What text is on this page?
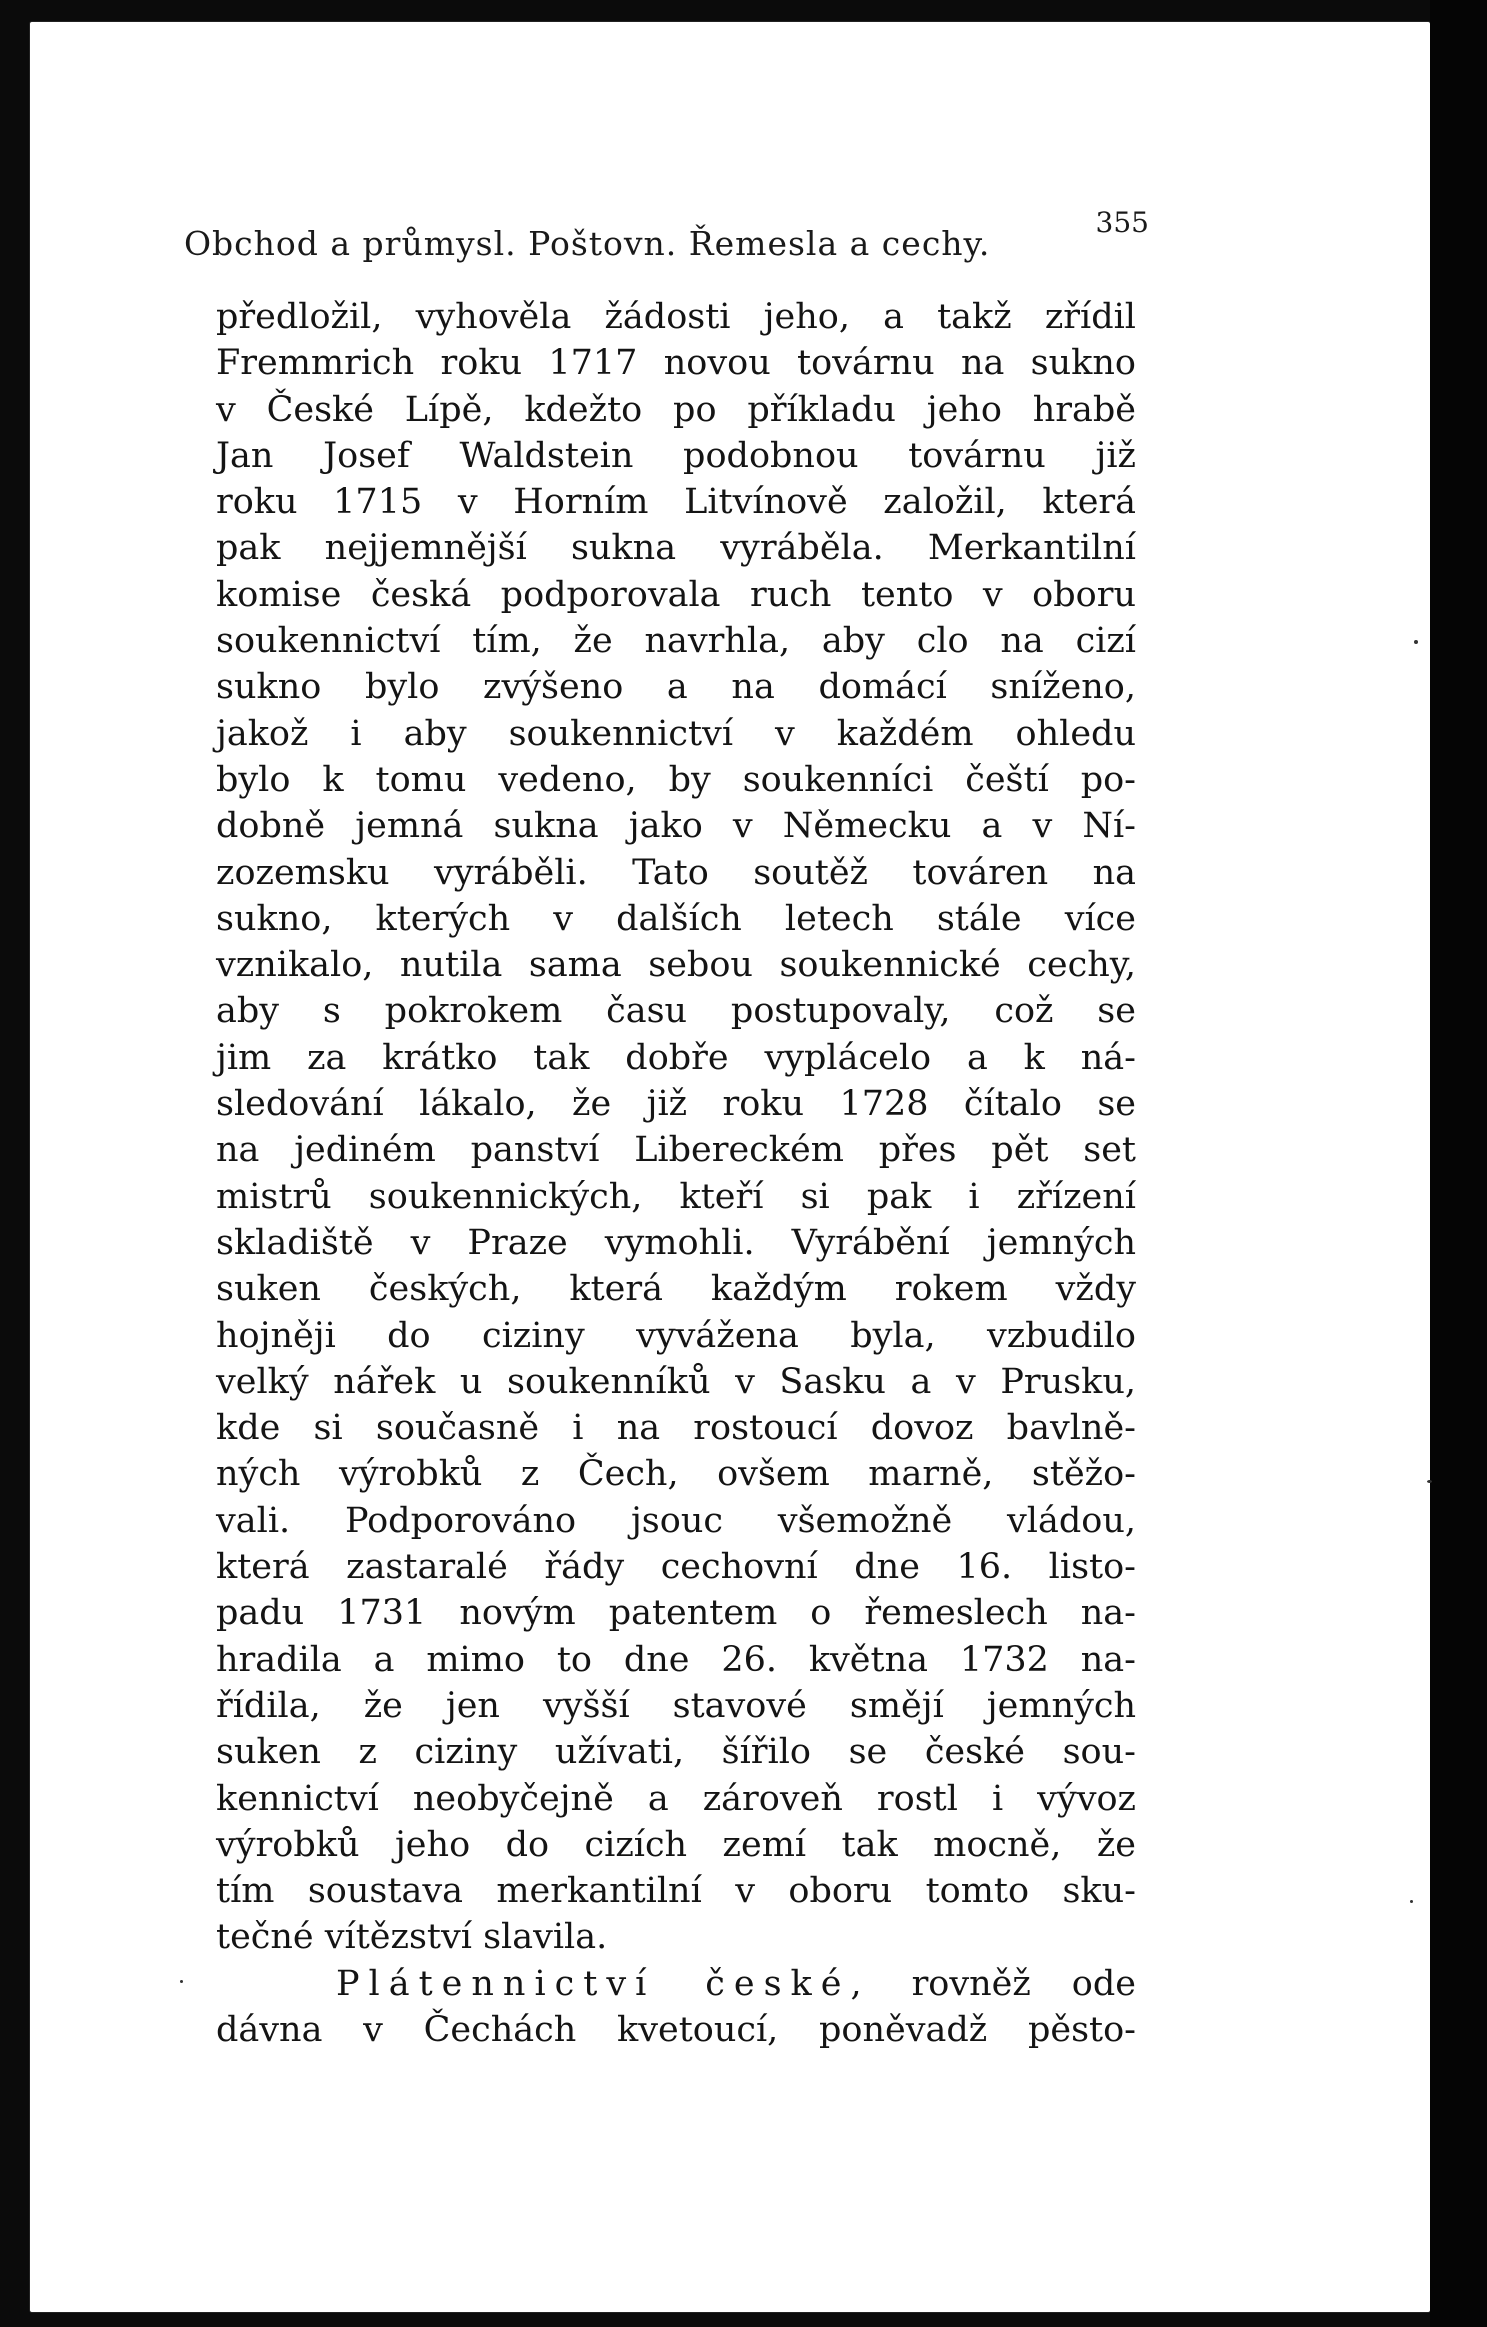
Obchod a průmysl. Poštovn. Řemesla a cechy.
355
předložil, vyhověla žádosti jeho, a takž zřídil
Fremmrich roku 1717 novou továrnu na sukno
v České Lípě, kdežto po příkladu jeho hrabě
Jan Josef Waldstein podobnou továrnu již
roku 1715 v Horním Litvínově založil, která
pak nejjemnější sukna vyráběla. Merkantilní
komise česká podporovala ruch tento v oboru
soukennictví tím, že navrhla, aby clo na cizí
sukno bylo zvýšeno a na domácí sníženo,
jakož i aby soukennictví v každém ohledu
bylo k tomu vedeno, by soukenníci čeští po-
dobně jemná sukna jako v Německu a v Ní-
zozemsku vyráběli. Tato soutěž továren na
sukno, kterých v dalších letech stále více
vznikalo, nutila sama sebou soukennické cechy,
aby s pokrokem času postupovaly, což se
jim za krátko tak dobře vyplácelo a k ná-
sledování lákalo, že již roku 1728 čítalo se
na jediném panství Libereckém přes pět set
mistrů soukennických, kteří si pak i zřízení
skladiště v Praze vymohli. Vyrábění jemných
suken českých, která každým rokem vždy
hojněji do ciziny vyvážena byla, vzbudilo
velký nářek u soukenníků v Sasku a v Prusku,
kde si současně i na rostoucí dovoz bavlně-
ných výrobků z Čech, ovšem marně, stěžo-
vali. Podporováno jsouc všemožně vládou,
která zastaralé řády cechovní dne 16. listo-
padu 1731 novým patentem o řemeslech na-
hradila a mimo to dne 26. května 1732 na-
řídila, že jen vyšší stavové smějí jemných
suken z ciziny užívati, šířilo se české sou-
kennictví neobyčejně a zároveň rostl i vývoz
výrobků jeho do cizích zemí tak mocně, že
tím soustava merkantilní v oboru tomto sku-
tečné vítězství slavila.
Plátennictví české, rovněž ode
dávna v Čechách kvetoucí, poněvadž pěsto-
